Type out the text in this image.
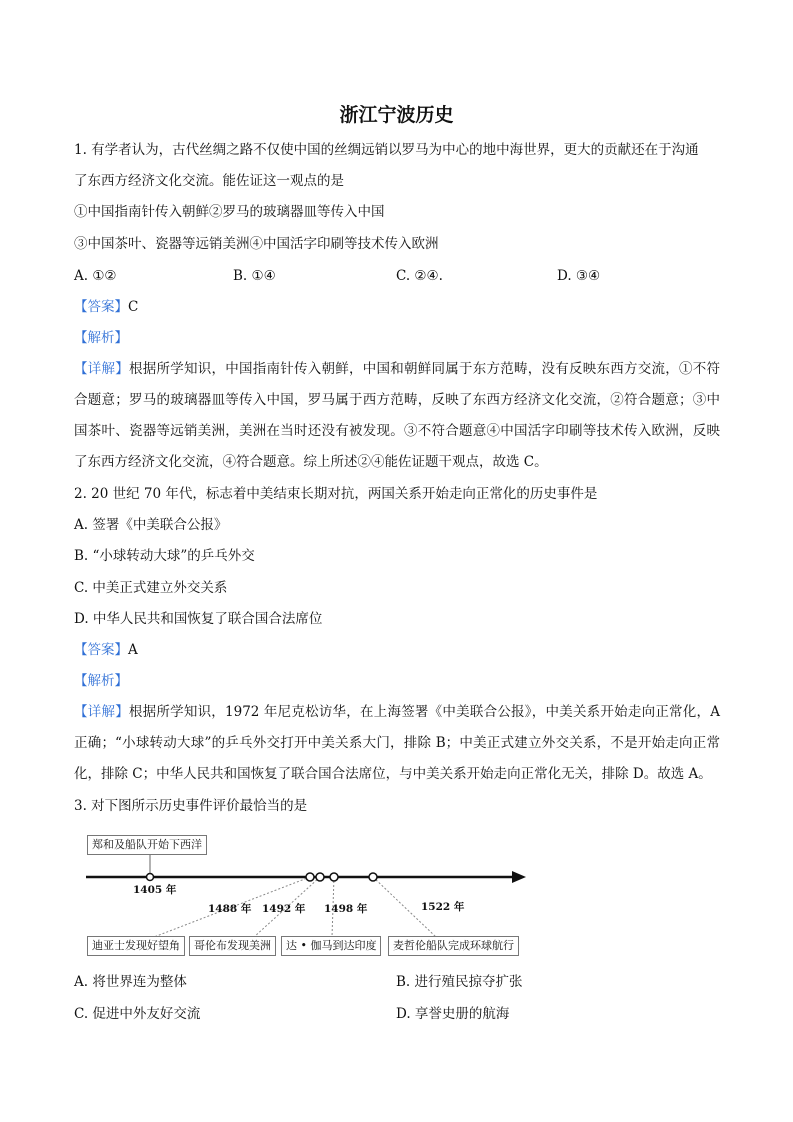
浙江宁波历史
1. 有学者认为，古代丝绸之路不仅使中国的丝绸远销以罗马为中心的地中海世界，更大的贡献还在于沟通
了东西方经济文化交流。能佐证这一观点的是
①中国指南针传入朝鲜②罗马的玻璃器皿等传入中国
③中国茶叶、瓷器等远销美洲④中国活字印刷等技术传入欧洲
A. ①②	B. ①④	C. ②④.	D. ③④
【答案】C
【解析】
【详解】根据所学知识，中国指南针传入朝鲜，中国和朝鲜同属于东方范畴，没有反映东西方交流，①不符合题意；罗马的玻璃器皿等传入中国，罗马属于西方范畴，反映了东西方经济文化交流，②符合题意；③中国茶叶、瓷器等远销美洲，美洲在当时还没有被发现。③不符合题意④中国活字印刷等技术传入欧洲，反映了东西方经济文化交流，④符合题意。综上所述②④能佐证题干观点，故选 C。
2. 20 世纪 70 年代，标志着中美结束长期对抗，两国关系开始走向正常化的历史事件是
A. 签署《中美联合公报》
B. “小球转动大球”的乒乓外交
C. 中美正式建立外交关系
D. 中华人民共和国恢复了联合国合法席位
【答案】A
【解析】
【详解】根据所学知识，1972 年尼克松访华，在上海签署《中美联合公报》，中美关系开始走向正常化，A 正确；“小球转动大球”的乒乓外交打开中美关系大门，排除 B；中美正式建立外交关系，不是开始走向正常化，排除 C；中华人民共和国恢复了联合国合法席位，与中美关系开始走向正常化无关，排除 D。故选 A。
3. 对下图所示历史事件评价最恰当的是
郑和及船队开始下西洋
1405 年
1488 年 1492 年 1498 年	1522 年
迪亚士发现好望角	哥伦布发现美洲	达 • 伽马到达印度	麦哲伦船队完成环球航行
A. 将世界连为整体	B. 进行殖民掠夺扩张
C. 促进中外友好交流	D. 享誉史册的航海
